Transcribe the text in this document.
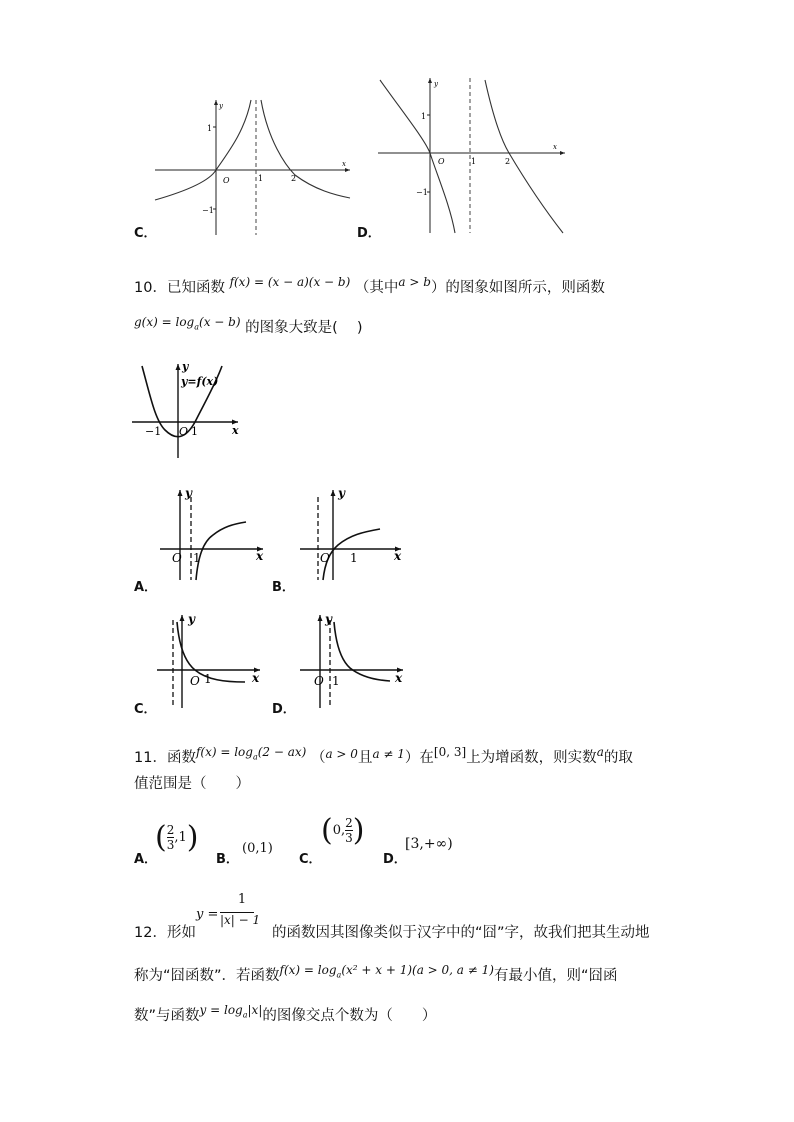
1
−1
1	2
O
x
y
C．
1
−1
1	2
O
x
y
D．
10．已知函数 $^{f(x) = (x - a)(x - b)}$ （其中$^{a > b}$）的图象如图所示，则函数
$^{g(x) = log_a(x - b)}$ 的图象大致是(　 )
y
y=f(x)
x
−1 O 1
y
x
O 1
A．
y
x
O 1
B．
y
x
O 1
C．
y
x
O 1
D．
11．函数$^{f(x) = log_a(2 - ax)}$ （$^{a > 0}$且$^{a \ne 1}$）在[0, 3]上为增函数，则实数$^a$的取
值范围是（　　）
A．
( $\frac{2}{3} ,1$)
B．
(0,1)
C．
(0, $\frac{2}{3}$ )
D．
[3,+∞)
y =
1
|x| − 1
12．形如	的函数因其图像类似于汉字中的“囧”字，故我们把其生动地
称为“囧函数”．若函数$^{f(x) = log_a(x^2 + x + 1)(a > 0, a \ne 1)}$有最小值，则“囧函
数”与函数$^{y = log_a|x|}$的图像交点个数为（　　）
